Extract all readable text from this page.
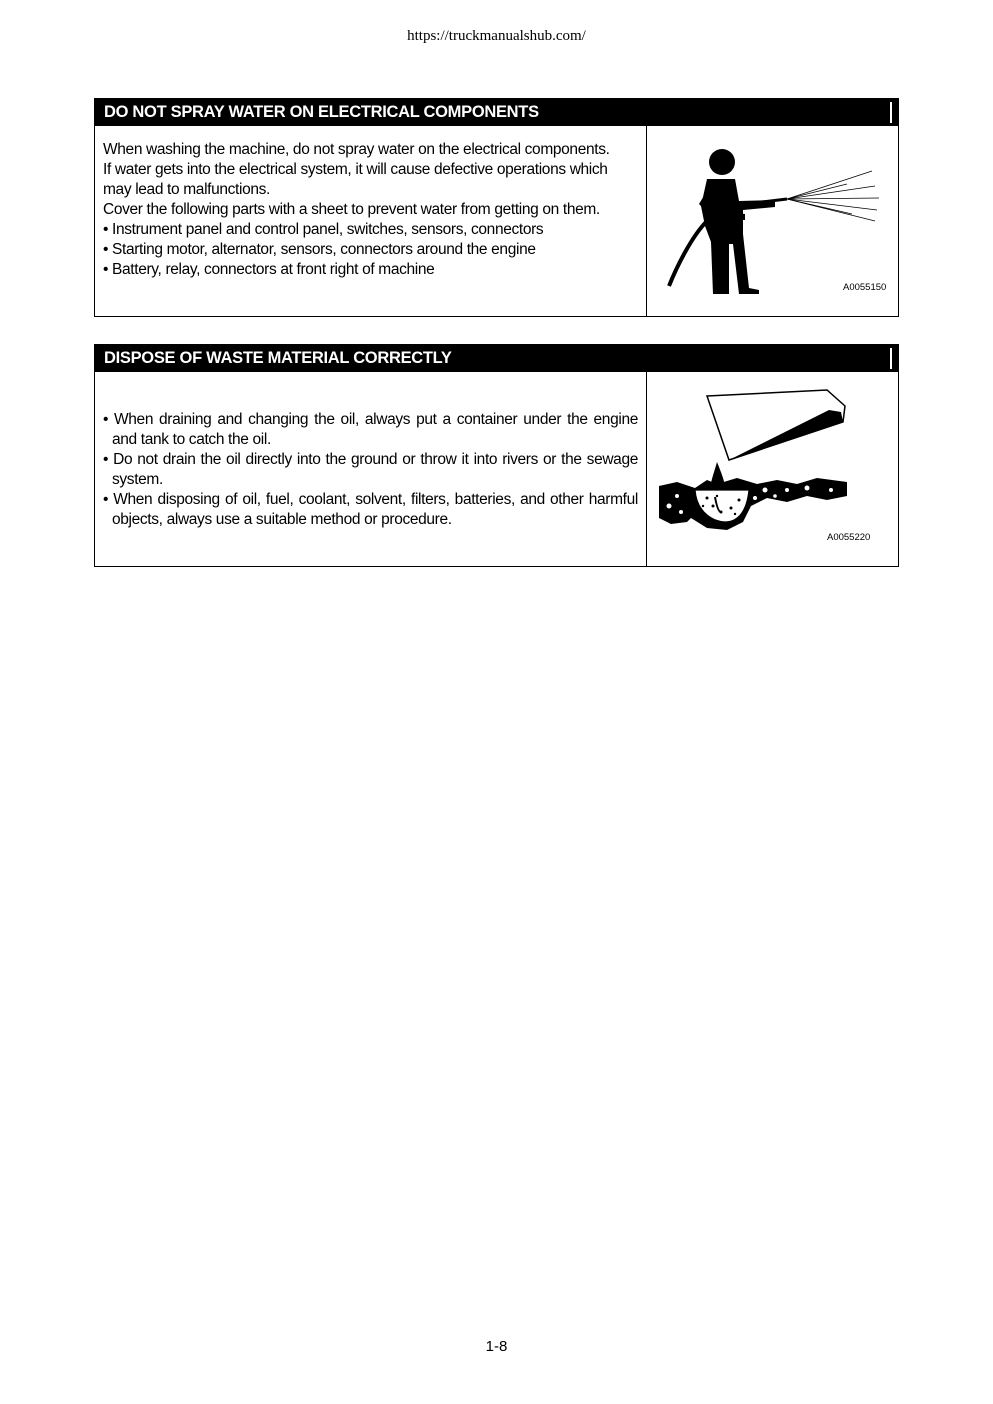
https://truckmanualshub.com/
DO NOT SPRAY WATER ON ELECTRICAL COMPONENTS

When washing the machine, do not spray water on the electrical components.

If water gets into the electrical system, it will cause defective operations which may lead to malfunctions.

Cover the following parts with a sheet to prevent water from getting on them.

• Instrument panel and control panel, switches, sensors, connectors

• Starting motor, alternator, sensors, connectors around the engine

• Battery, relay, connectors at front right of machine

A0055150
DISPOSE OF WASTE MATERIAL CORRECTLY

• When draining and changing the oil, always put a container under the engine and tank to catch the oil.

• Do not drain the oil directly into the ground or throw it into rivers or the sewage system.

• When disposing of oil, fuel, coolant, solvent, filters, batteries, and other harmful objects, always use a suitable method or procedure.

A0055220
1-8
